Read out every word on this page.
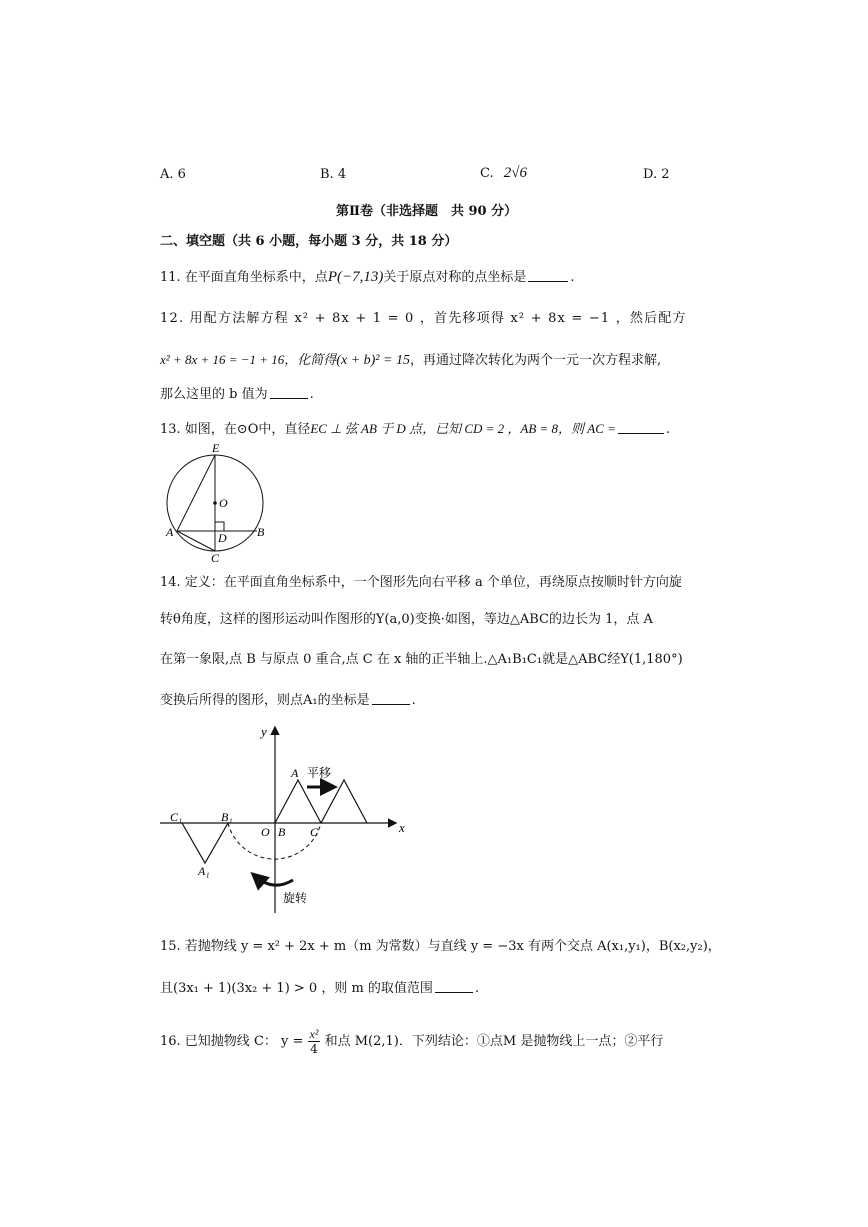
A. 6	B. 4	C. 2√6	D. 2
第Ⅱ卷（非选择题　共 90 分）
二、填空题（共 6 小题，每小题 3 分，共 18 分）
11. 在平面直角坐标系中，点P(−7,13)关于原点对称的点坐标是	.
12. 用配方法解方程 x² + 8x + 1 = 0 ，首先移项得 x² + 8x = −1 ，然后配方
x² + 8x + 16 = −1 + 16，化简得(x + b)² = 15，再通过降次转化为两个一元一次方程求解,
那么这里的 b 值为	.
13. 如图，在⊙O中，直径EC ⊥ 弦 AB 于 D 点，已知 CD = 2 ，AB = 8，则 AC =	.
E
O
A	D	B
C
14. 定义：在平面直角坐标系中，一个图形先向右平移 a 个单位，再绕原点按顺时针方向旋
转θ角度，这样的图形运动叫作图形的Y(a,0)变换·如图，等边△ABC的边长为 1，点 A
在第一象限,点 B 与原点 0 重合,点 C 在 x 轴的正半轴上.△A₁B₁C₁就是△ABC经Y(1,180°)
变换后所得的图形，则点A₁的坐标是	.
x
y
A 平移
C₁	B₁
O B C
A₁
旋转
15. 若抛物线 y = x² + 2x + m（m 为常数）与直线 y = −3x 有两个交点 A(x₁,y₁)，B(x₂,y₂)，
且(3x₁ + 1)(3x₂ + 1) > 0 ，则 m 的取值范围	.
16. 已知抛物线 C： $y = \frac{\text{x²}}{4}$ 和点 M(2,1)．下列结论：①点M 是抛物线上一点；②平行
